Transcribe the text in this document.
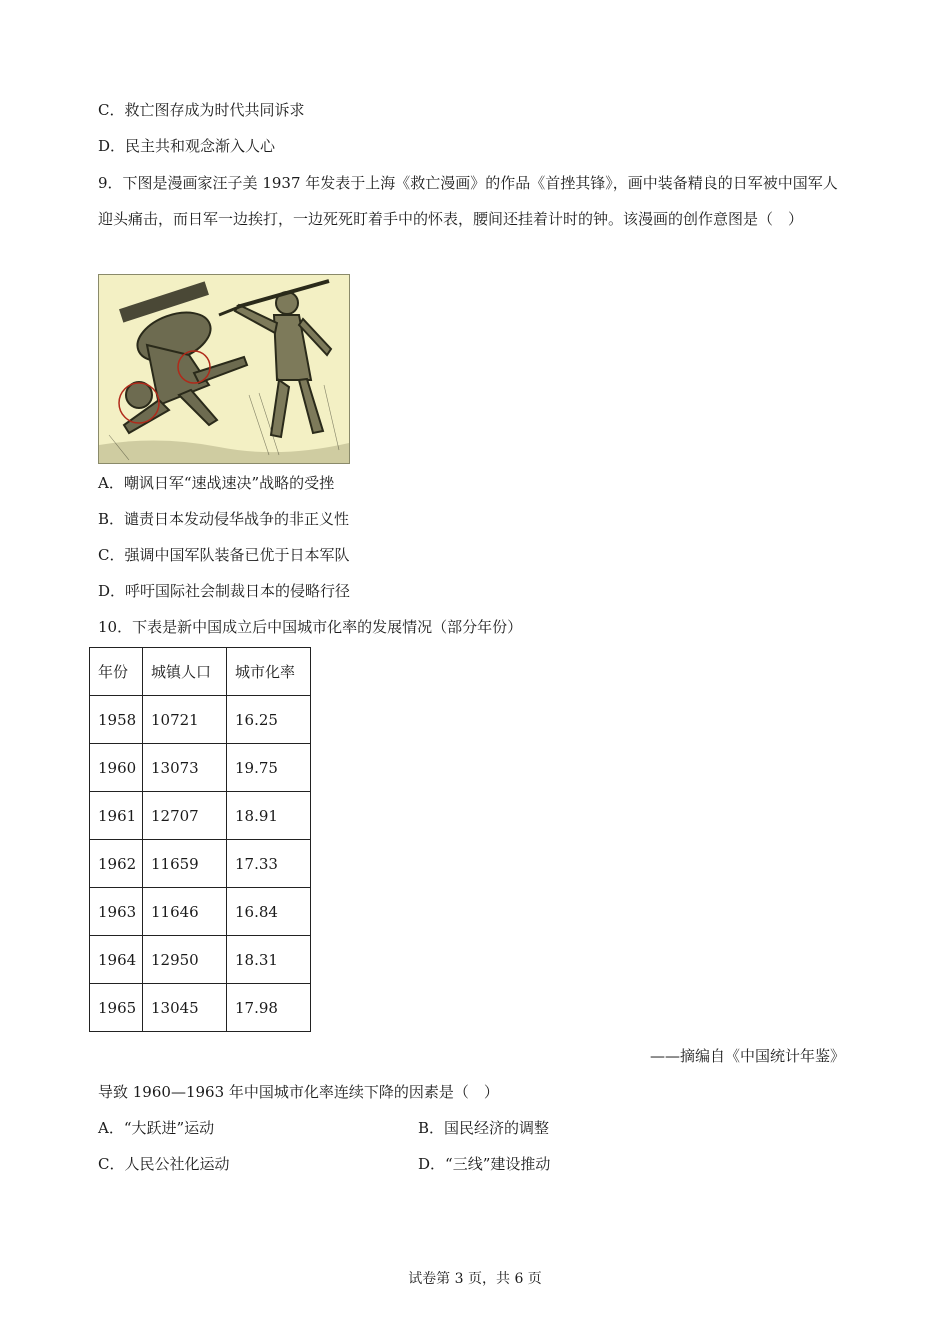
C．救亡图存成为时代共同诉求
D．民主共和观念渐入人心
9．下图是漫画家汪子美 1937 年发表于上海《救亡漫画》的作品《首挫其锋》，画中装备精良的日军被中国军人迎头痛击，而日军一边挨打，一边死死盯着手中的怀表，腰间还挂着计时的钟。该漫画的创作意图是（　）
A．嘲讽日军“速战速决”战略的受挫
B．谴责日本发动侵华战争的非正义性
C．强调中国军队装备已优于日本军队
D．呼吁国际社会制裁日本的侵略行径
10．下表是新中国成立后中国城市化率的发展情况（部分年份）
年份	城镇人口	城市化率
1958	10721	16.25
1960	13073	19.75
1961	12707	18.91
1962	11659	17.33
1963	11646	16.84
1964	12950	18.31
1965	13045	17.98
——摘编自《中国统计年鉴》
导致 1960—1963 年中国城市化率连续下降的因素是（　）
A．“大跃进”运动	B．国民经济的调整
C．人民公社化运动	D．“三线”建设推动
试卷第 3 页，共 6 页
